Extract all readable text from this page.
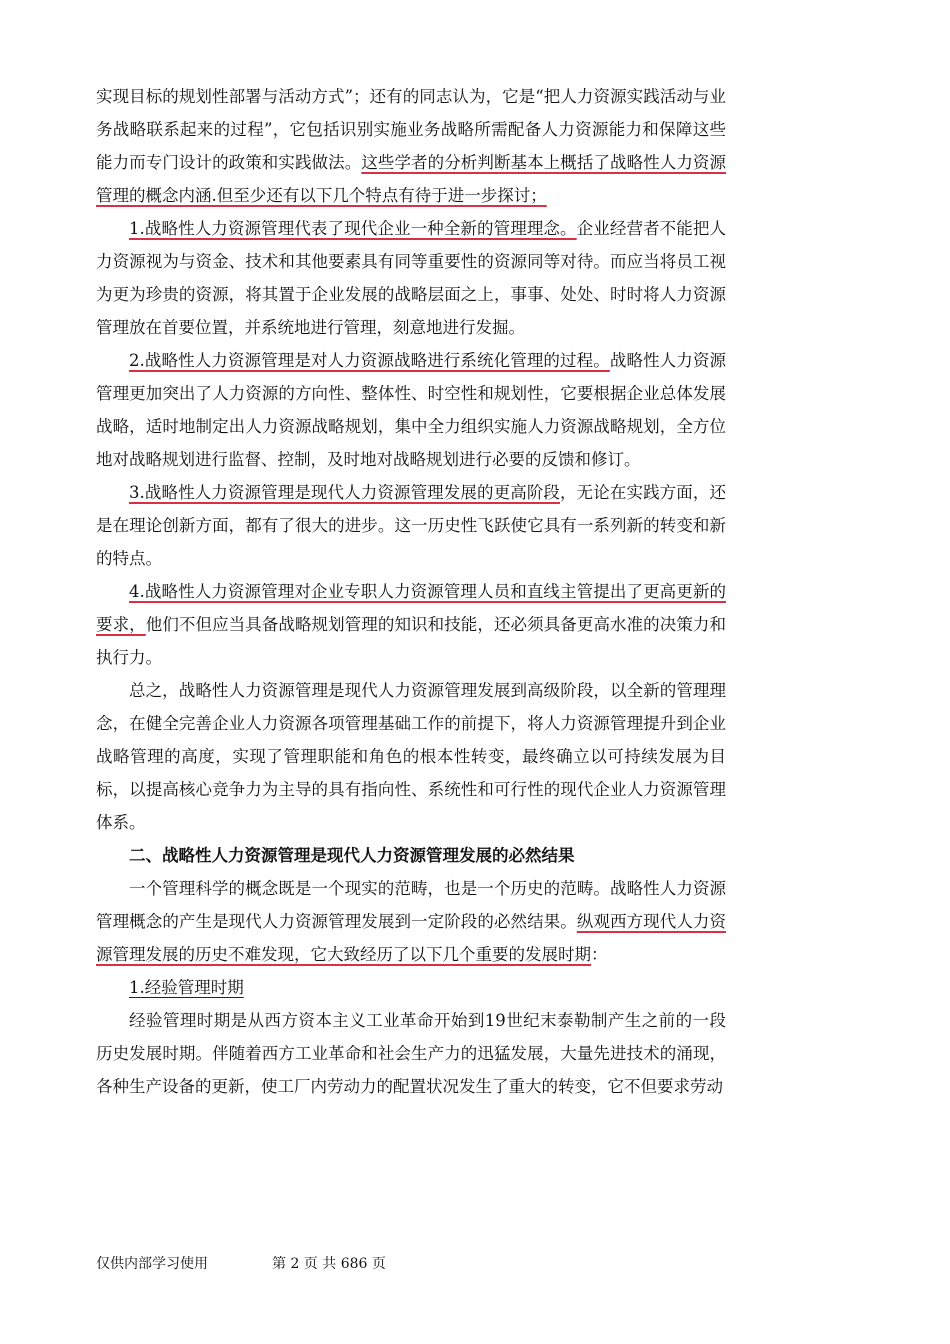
实现目标的规划性部署与活动方式”；还有的同志认为，它是“把人力资源实践活动与业务战略联系起来的过程”，它包括识别实施业务战略所需配备人力资源能力和保障这些能力而专门设计的政策和实践做法。这些学者的分析判断基本上概括了战略性人力资源管理的概念内涵.但至少还有以下几个特点有待于进一步探讨；

1.战略性人力资源管理代表了现代企业一种全新的管理理念。企业经营者不能把人力资源视为与资金、技术和其他要素具有同等重要性的资源同等对待。而应当将员工视为更为珍贵的资源，将其置于企业发展的战略层面之上，事事、处处、时时将人力资源管理放在首要位置，并系统地进行管理，刻意地进行发掘。

2.战略性人力资源管理是对人力资源战略进行系统化管理的过程。战略性人力资源管理更加突出了人力资源的方向性、整体性、时空性和规划性，它要根据企业总体发展战略，适时地制定出人力资源战略规划，集中全力组织实施人力资源战略规划，全方位地对战略规划进行监督、控制，及时地对战略规划进行必要的反馈和修订。

3.战略性人力资源管理是现代人力资源管理发展的更高阶段，无论在实践方面，还是在理论创新方面，都有了很大的进步。这一历史性飞跃使它具有一系列新的转变和新的特点。

4.战略性人力资源管理对企业专职人力资源管理人员和直线主管提出了更高更新的要求，他们不但应当具备战略规划管理的知识和技能，还必须具备更高水准的决策力和执行力。

总之，战略性人力资源管理是现代人力资源管理发展到高级阶段，以全新的管理理念，在健全完善企业人力资源各项管理基础工作的前提下，将人力资源管理提升到企业战略管理的高度，实现了管理职能和角色的根本性转变，最终确立以可持续发展为目标，以提高核心竞争力为主导的具有指向性、系统性和可行性的现代企业人力资源管理体系。

二、战略性人力资源管理是现代人力资源管理发展的必然结果

一个管理科学的概念既是一个现实的范畴，也是一个历史的范畴。战略性人力资源管理概念的产生是现代人力资源管理发展到一定阶段的必然结果。纵观西方现代人力资源管理发展的历史不难发现，它大致经历了以下几个重要的发展时期：

1.经验管理时期

经验管理时期是从西方资本主义工业革命开始到19世纪末泰勒制产生之前的一段历史发展时期。伴随着西方工业革命和社会生产力的迅猛发展，大量先进技术的涌现，各种生产设备的更新，使工厂内劳动力的配置状况发生了重大的转变，它不但要求劳动

仅供内部学习使用	第 2 页 共 686 页
